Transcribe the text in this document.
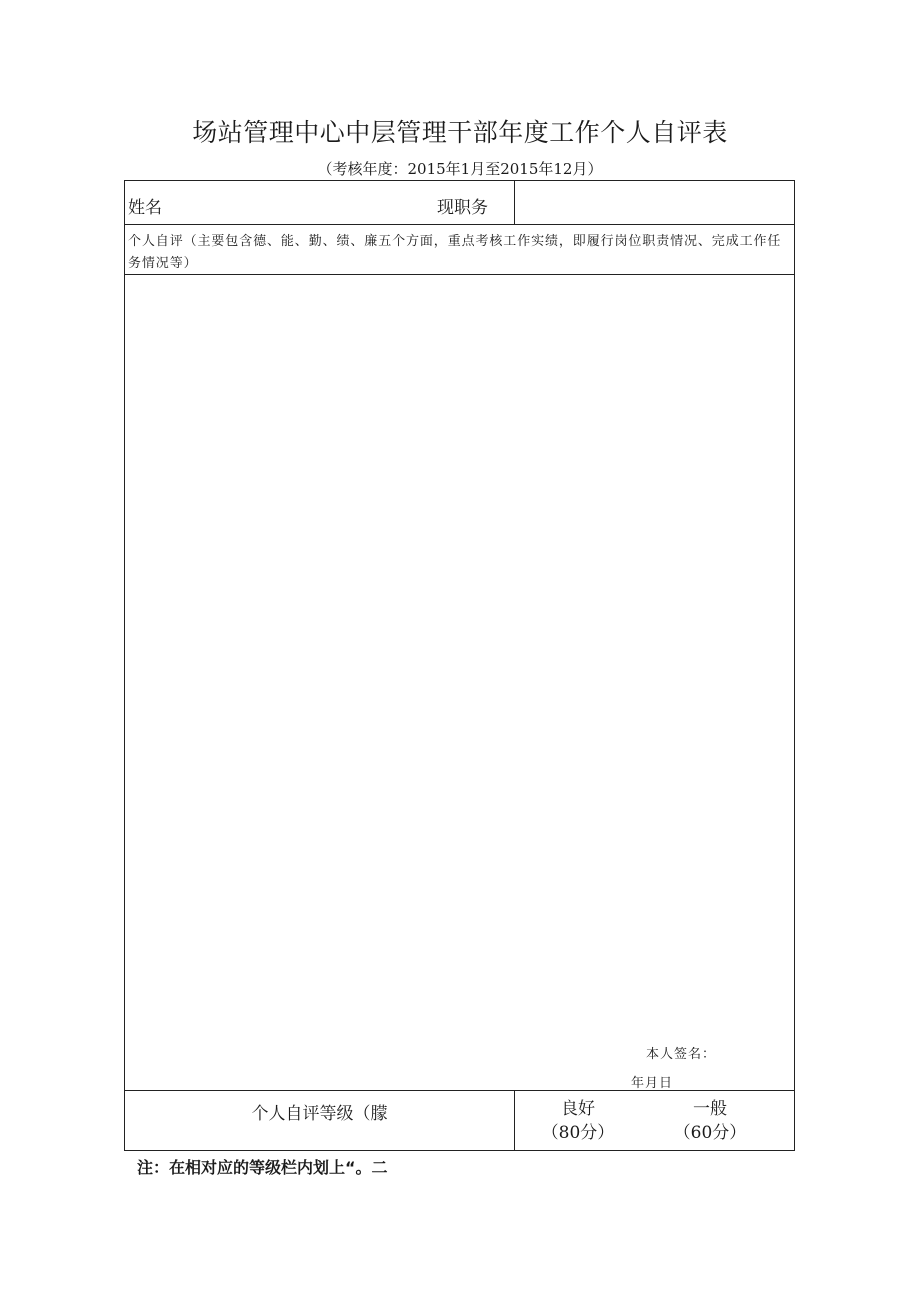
场站管理中心中层管理干部年度工作个人自评表
（考核年度：2015年1月至2015年12月）
姓名	现职务
个人自评（主要包含德、能、勤、绩、廉五个方面，重点考核工作实绩，即履行岗位职责情况、完成工作任务情况等）
本人签名：
年月日
个人自评等级（朦	良好
（80分）
一般
（60分）
注：在相对应的等级栏内划上“。二
